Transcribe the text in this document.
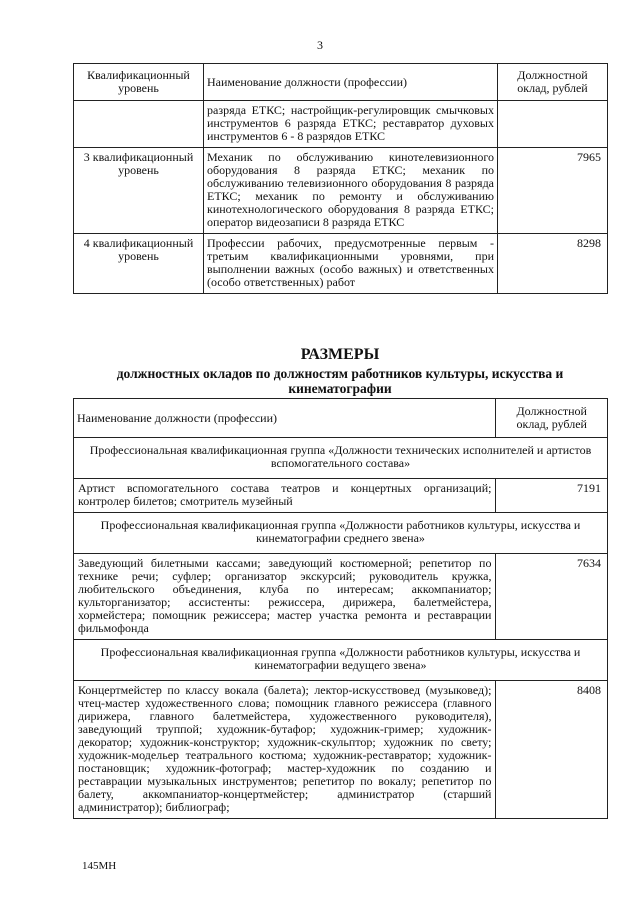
3
Квалификационный уровень	Наименование должности (профессии)	Должностной оклад, рублей
	разряда ЕТКС; настройщик-регулировщик смычковых инструментов 6 разряда ЕТКС; реставратор духовых инструментов 6 - 8 разрядов ЕТКС	
3 квалификационный уровень	Механик по обслуживанию кинотелевизионного оборудования 8 разряда ЕТКС; механик по обслуживанию телевизионного оборудования 8 разряда ЕТКС; механик по ремонту и обслуживанию кинотехнологического оборудования 8 разряда ЕТКС; оператор видеозаписи 8 разряда ЕТКС	7965
4 квалификационный уровень	Профессии рабочих, предусмотренные первым - третьим квалификационными уровнями, при выполнении важных (особо важных) и ответственных (особо ответственных) работ	8298
РАЗМЕРЫ
должностных окладов по должностям работников культуры, искусства и кинематографии
Наименование должности (профессии)	Должностной оклад, рублей
Профессиональная квалификационная группа «Должности технических исполнителей и артистов вспомогательного состава»	
Артист вспомогательного состава театров и концертных организаций; контролер билетов; смотритель музейный	7191
Профессиональная квалификационная группа «Должности работников культуры, искусства и кинематографии среднего звена»	
Заведующий билетными кассами; заведующий костюмерной; репетитор по технике речи; суфлер; организатор экскурсий; руководитель кружка, любительского объединения, клуба по интересам; аккомпаниатор; культорганизатор; ассистенты: режиссера, дирижера, балетмейстера, хормейстера; помощник режиссера; мастер участка ремонта и реставрации фильмофонда	7634
Профессиональная квалификационная группа «Должности работников культуры, искусства и кинематографии ведущего звена»	
Концертмейстер по классу вокала (балета); лектор-искусствовед (музыковед); чтец-мастер художественного слова; помощник главного режиссера (главного дирижера, главного балетмейстера, художественного руководителя), заведующий труппой; художник-бутафор; художник-гример; художник-декоратор; художник-конструктор; художник-скульптор; художник по свету; художник-модельер театрального костюма; художник-реставратор; художник-постановщик; художник-фотограф; мастер-художник по созданию и реставрации музыкальных инструментов; репетитор по вокалу; репетитор по балету, аккомпаниатор-концертмейстер; администратор (старший администратор); библиограф;	8408
145МН
